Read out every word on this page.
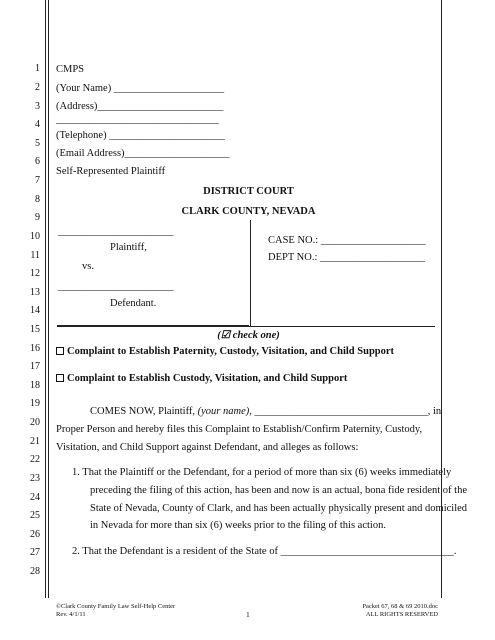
1
2
3
4
5
6
7
8
9
10
11
12
13
14
15
16
17
18
19
20
21
22
23
24
25
26
27
28
CMPS
(Your Name) _____________________
(Address)________________________
_______________________________
(Telephone) ______________________
(Email Address)____________________
Self-Represented Plaintiff
DISTRICT COURT
CLARK COUNTY, NEVADA
______________________
Plaintiff,
vs.
______________________
Defendant.
CASE NO.: ____________________
DEPT NO.: ____________________
(☑ check one)
Complaint to Establish Paternity, Custody, Visitation, and Child Support
Complaint to Establish Custody, Visitation, and Child Support
COMES NOW, Plaintiff, (your name), _________________________________, in
Proper Person and hereby files this Complaint to Establish/Confirm Paternity, Custody,
Visitation, and Child Support against Defendant, and alleges as follows:
1. That the Plaintiff or the Defendant, for a period of more than six (6) weeks immediately
preceding the filing of this action, has been and now is an actual, bona fide resident of the
State of Nevada, County of Clark, and has been actually physically present and domiciled
in Nevada for more than six (6) weeks prior to the filing of this action.
2. That the Defendant is a resident of the State of _________________________________.
©Clark County Family Law Self-Help Center
Rev. 4/1/11	1
Packet 67, 68 & 69 2010.doc
ALL RIGHTS RESERVED
